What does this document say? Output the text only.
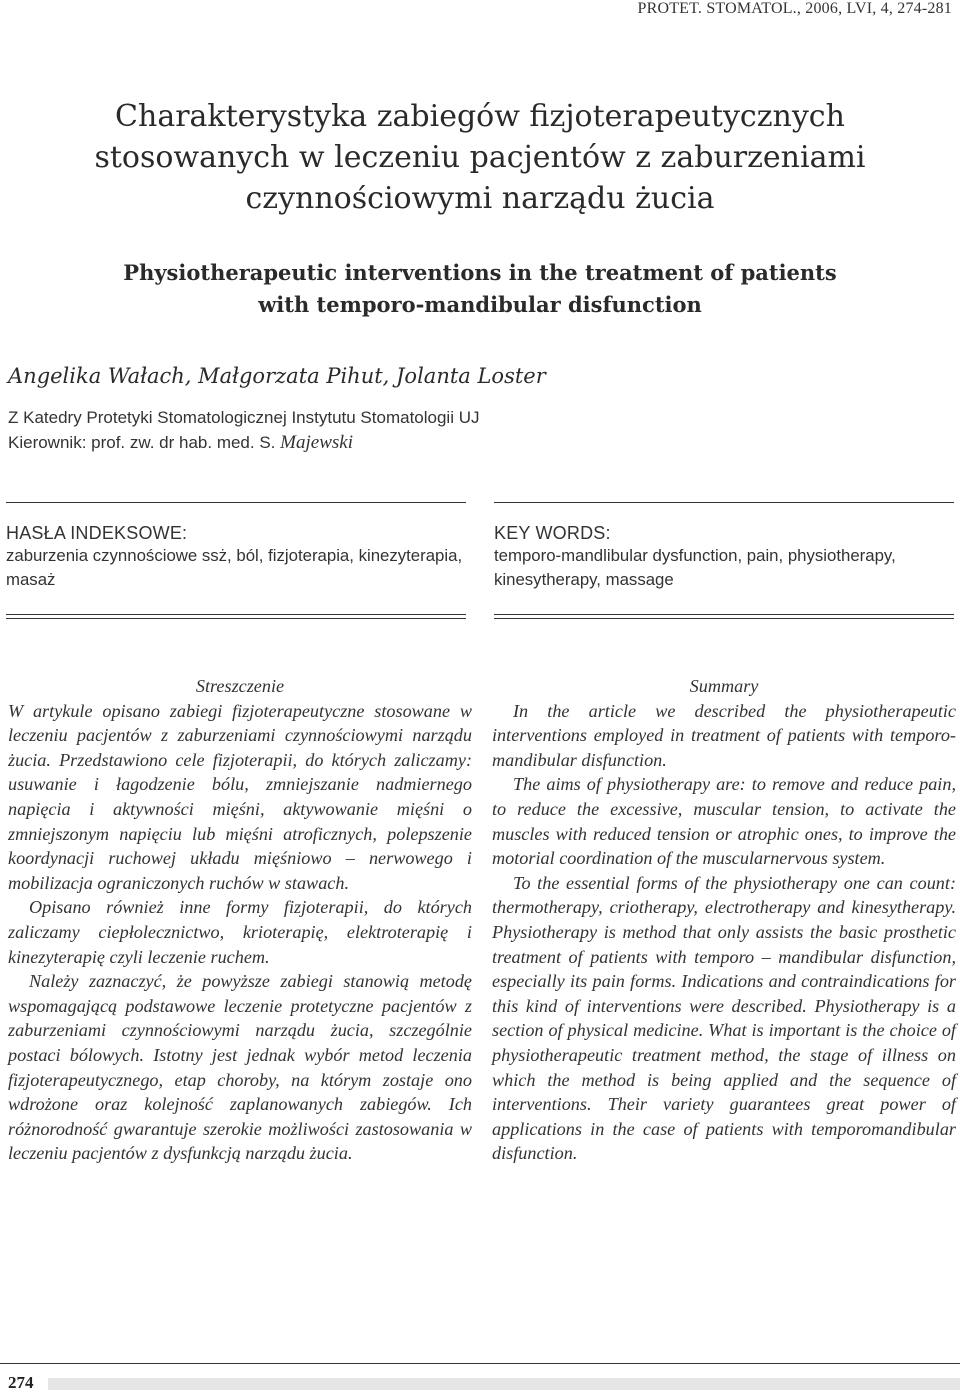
PROTET. STOMATOL., 2006, LVI, 4, 274-281
Charakterystyka zabiegów fizjoterapeutycznych
stosowanych w leczeniu pacjentów z zaburzeniami
czynnościowymi narządu żucia
Physiotherapeutic interventions in the treatment of patients
with temporo-mandibular disfunction
Angelika Wałach, Małgorzata Pihut, Jolanta Loster
Z Katedry Protetyki Stomatologicznej Instytutu Stomatologii UJ
Kierownik: prof. zw. dr hab. med. S. Majewski
HASŁA INDEKSOWE:
zaburzenia czynnościowe ssż, ból, fizjoterapia, kinezyterapia, masaż
KEY WORDS:
temporo-mandlibular dysfunction, pain, physiotherapy, kinesytherapy, massage
Streszczenie

W artykule opisano zabiegi fizjoterapeutyczne stosowane w leczeniu pacjentów z zaburzeniami czynnościowymi narządu żucia. Przedstawiono cele fizjoterapii, do których zaliczamy: usuwanie i łagodzenie bólu, zmniejszanie nadmiernego napięcia i aktywności mięśni, aktywowanie mięśni o zmniejszonym napięciu lub mięśni atroficznych, polepszenie koordynacji ruchowej układu mięśniowo – nerwowego i mobilizacja ograniczonych ruchów w stawach.

Opisano również inne formy fizjoterapii, do których zaliczamy ciepłolecznictwo, krioterapię, elektroterapię i kinezyterapię czyli leczenie ruchem.

Należy zaznaczyć, że powyższe zabiegi stanowią metodę wspomagającą podstawowe leczenie protetyczne pacjentów z zaburzeniami czynnościowymi narządu żucia, szczególnie postaci bólowych. Istotny jest jednak wybór metod leczenia fizjoterapeutycznego, etap choroby, na którym zostaje ono wdrożone oraz kolejność zaplanowanych zabiegów. Ich różnorodność gwarantuje szerokie możliwości zastosowania w leczeniu pacjentów z dysfunkcją narządu żucia.

Summary

In the article we described the physiotherapeutic interventions employed in treatment of patients with temporo-mandibular disfunction.

The aims of physiotherapy are: to remove and reduce pain, to reduce the excessive, muscular tension, to activate the muscles with reduced tension or atrophic ones, to improve the motorial coordination of the muscularnervous system.

To the essential forms of the physiotherapy one can count: thermotherapy, criotherapy, electrotherapy and kinesytherapy. Physiotherapy is method that only assists the basic prosthetic treatment of patients with temporo – mandibular disfunction, especially its pain forms. Indications and contraindications for this kind of interventions were described. Physiotherapy is a section of physical medicine. What is important is the choice of physiotherapeutic treatment method, the stage of illness on which the method is being applied and the sequence of interventions. Their variety guarantees great power of applications in the case of patients with temporomandibular disfunction.

274
